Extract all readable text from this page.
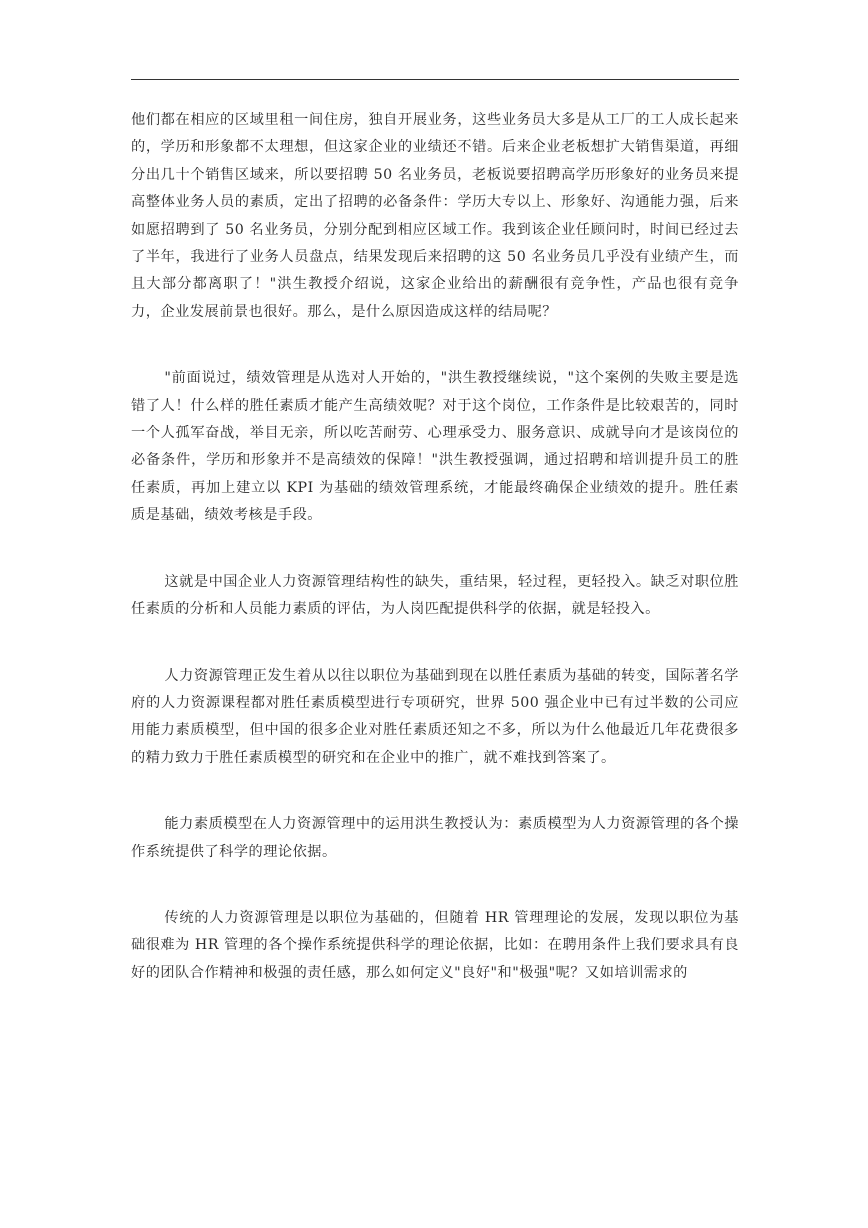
他们都在相应的区域里租一间住房，独自开展业务，这些业务员大多是从工厂的工人成长起来的，学历和形象都不太理想，但这家企业的业绩还不错。后来企业老板想扩大销售渠道，再细分出几十个销售区域来，所以要招聘 50 名业务员，老板说要招聘高学历形象好的业务员来提高整体业务人员的素质，定出了招聘的必备条件：学历大专以上、形象好、沟通能力强，后来如愿招聘到了 50 名业务员，分别分配到相应区域工作。我到该企业任顾问时，时间已经过去了半年，我进行了业务人员盘点，结果发现后来招聘的这 50 名业务员几乎没有业绩产生，而且大部分都离职了！"洪生教授介绍说，这家企业给出的薪酬很有竞争性，产品也很有竞争力，企业发展前景也很好。那么，是什么原因造成这样的结局呢？

"前面说过，绩效管理是从选对人开始的，"洪生教授继续说，"这个案例的失败主要是选错了人！什么样的胜任素质才能产生高绩效呢？对于这个岗位，工作条件是比较艰苦的，同时一个人孤军奋战，举目无亲，所以吃苦耐劳、心理承受力、服务意识、成就导向才是该岗位的必备条件，学历和形象并不是高绩效的保障！"洪生教授强调，通过招聘和培训提升员工的胜任素质，再加上建立以 KPI 为基础的绩效管理系统，才能最终确保企业绩效的提升。胜任素质是基础，绩效考核是手段。

这就是中国企业人力资源管理结构性的缺失，重结果，轻过程，更轻投入。缺乏对职位胜任素质的分析和人员能力素质的评估，为人岗匹配提供科学的依据，就是轻投入。

人力资源管理正发生着从以往以职位为基础到现在以胜任素质为基础的转变，国际著名学府的人力资源课程都对胜任素质模型进行专项研究，世界 500 强企业中已有过半数的公司应用能力素质模型，但中国的很多企业对胜任素质还知之不多，所以为什么他最近几年花费很多的精力致力于胜任素质模型的研究和在企业中的推广，就不难找到答案了。

能力素质模型在人力资源管理中的运用洪生教授认为：素质模型为人力资源管理的各个操作系统提供了科学的理论依据。

传统的人力资源管理是以职位为基础的，但随着 HR 管理理论的发展，发现以职位为基础很难为 HR 管理的各个操作系统提供科学的理论依据，比如：在聘用条件上我们要求具有良好的团队合作精神和极强的责任感，那么如何定义"良好"和"极强"呢？又如培训需求的
